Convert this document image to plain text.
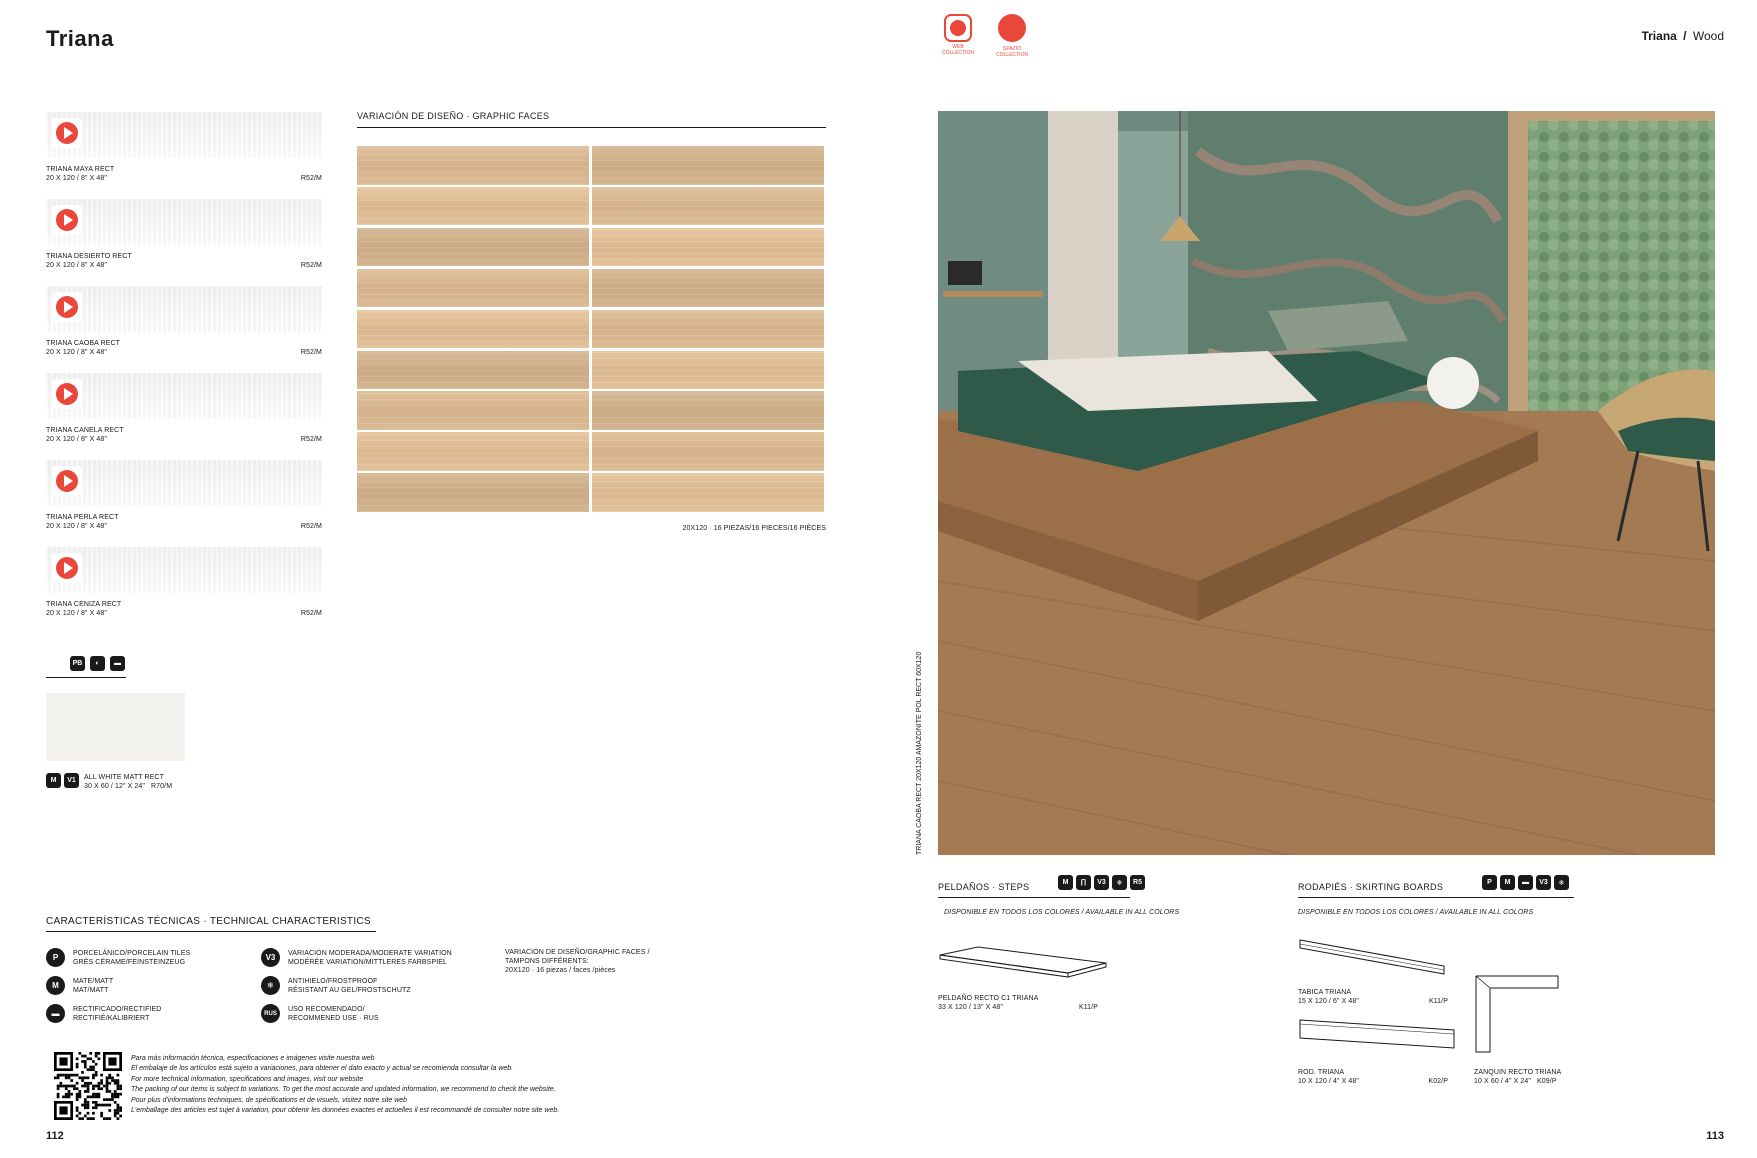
Triana
TRIANA MAYA RECT
20 X 120 / 8" X 48"	R52/M
TRIANA DESIERTO RECT
20 X 120 / 8" X 48"	R52/M
TRIANA CAOBA RECT
20 X 120 / 8" X 48"	R52/M
TRIANA CANELA RECT
20 X 120 / 8" X 48"	R52/M
TRIANA PERLA RECT
20 X 120 / 8" X 48"	R52/M
TRIANA CENIZA RECT
20 X 120 / 8" X 48"	R52/M
PB	◐	▬
M	V1	ALL WHITE MATT RECT
30 X 60 / 12" X 24" R70/M
VARIACIÓN DE DISEÑO · GRAPHIC FACES
20X120 · 16 PIEZAS/16 PIECES/16 PIÈCES
CARACTERÍSTICAS TÉCNICAS · TECHNICAL CHARACTERISTICS
P	PORCELÁNICO/PORCELAIN TILES
GRÈS CÉRAME/FEINSTEINZEUG
M	MATE/MATT
MAT/MATT
▬	RECTIFICADO/RECTIFIED
RECTIFIÉ/KALIBRIERT
V3	VARIACIÓN MODERADA/MODERATE VARIATION
MODÉRÉE VARIATION/MITTLERES FARBSPIEL
❄	ANTIHIELO/FROSTPROOF
RÉSISTANT AU GEL/FROSTSCHUTZ
RUS
USO RECOMENDADO/
RECOMMENED USE · RUS
VARIACIÓN DE DISEÑO/GRAPHIC FACES /
TAMPONS DIFFÉRENTS:
20X120 · 16 piezas / faces /pièces
Para más información técnica, especificaciones e imágenes visite nuestra web
El embalaje de los artículos está sujeto a variaciones, para obtener el dato exacto y actual se recomienda consultar la web.
For more technical information, specifications and images, visit our website
The packing of our items is subject to variations. To get the most accurate and updated information, we recommend to check the website.
Pour plus d'informations techniques, de spécifications et de visuels, visitez notre site web
L'emballage des articles est sujet à variation, pour obtenir les données exactes et actuelles il est recommandé de consulter notre site web.
112
WEB
COLLECTION
SPAZIO
COLLECTION
Triana / Wood
TRIANA CAOBA RECT 20X120 AMAZONITE POL RECT 60X120
PELDAÑOS · STEPS	M	∏	V3	❄	R5
DISPONIBLE EN TODOS LOS COLORES / AVAILABLE IN ALL COLORS
PELDAÑO RECTO C1 TRIANA
33 X 120 / 13" X 48"	K11/P
RODAPIÉS · SKIRTING BOARDS	P	M	▬	V3	❄
DISPONIBLE EN TODOS LOS COLORES / AVAILABLE IN ALL COLORS
TABICA TRIANA
15 X 120 / 6" X 48"	K11/P
ROD. TRIANA
10 X 120 / 4" X 48"	K02/P
ZANQUIN RECTO TRIANA
10 X 60 / 4" X 24" K09/P
113
